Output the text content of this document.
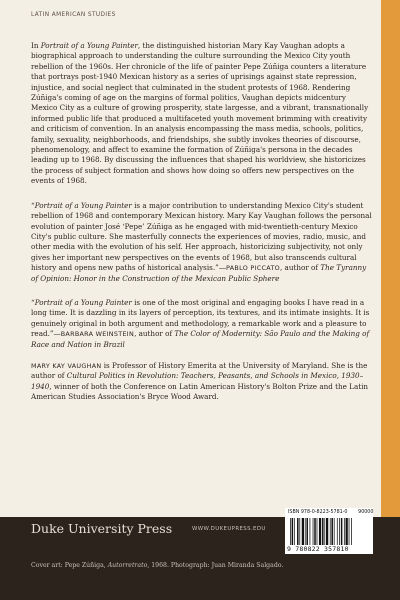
LATIN AMERICAN STUDIES

In Portrait of a Young Painter, the distinguished historian Mary Kay Vaughan adopts a biographical approach to understanding the culture surrounding the Mexico City youth rebellion of the 1960s. Her chronicle of the life of painter Pepe Zúñiga counters a literature that portrays post-1940 Mexican history as a series of uprisings against state repression, injustice, and social neglect that culminated in the student protests of 1968. Rendering Zúñiga's coming of age on the margins of formal politics, Vaughan depicts midcentury Mexico City as a culture of growing prosperity, state largesse, and a vibrant, transnationally informed public life that produced a multifaceted youth movement brimming with creativity and criticism of convention. In an analysis encompassing the mass media, schools, politics, family, sexuality, neighborhoods, and friendships, she subtly invokes theories of discourse, phenomenology, and affect to examine the formation of Zúñiga's persona in the decades leading up to 1968. By discussing the influences that shaped his worldview, she historicizes the process of subject formation and shows how doing so offers new perspectives on the events of 1968.

“Portrait of a Young Painter is a major contribution to understanding Mexico City's student rebellion of 1968 and contemporary Mexican history. Mary Kay Vaughan follows the personal evolution of painter José ‘Pepe’ Zúñiga as he engaged with mid-twentieth-century Mexico City's public culture. She masterfully connects the experiences of movies, radio, music, and other media with the evolution of his self. Her approach, historicizing subjectivity, not only gives her important new perspectives on the events of 1968, but also transcends cultural history and opens new paths of historical analysis.”—PABLO PICCATO, author of The Tyranny of Opinion: Honor in the Construction of the Mexican Public Sphere

“Portrait of a Young Painter is one of the most original and engaging books I have read in a long time. It is dazzling in its layers of perception, its textures, and its intimate insights. It is genuinely original in both argument and methodology, a remarkable work and a pleasure to read.”—BARBARA WEINSTEIN, author of The Color of Modernity: São Paulo and the Making of Race and Nation in Brazil

MARY KAY VAUGHAN is Professor of History Emerita at the University of Maryland. She is the author of Cultural Politics in Revolution: Teachers, Peasants, and Schools in Mexico, 1930–1940, winner of both the Conference on Latin American History's Bolton Prize and the Latin American Studies Association's Bryce Wood Award.

Duke University Press	WWW.DUKEUPRESS.EDU
ISBN 978-0-8223-5781-0 90000
9 780822 357810
Cover art: Pepe Zúñiga, Autorretrato, 1968. Photograph: Juan Miranda Salgado.
